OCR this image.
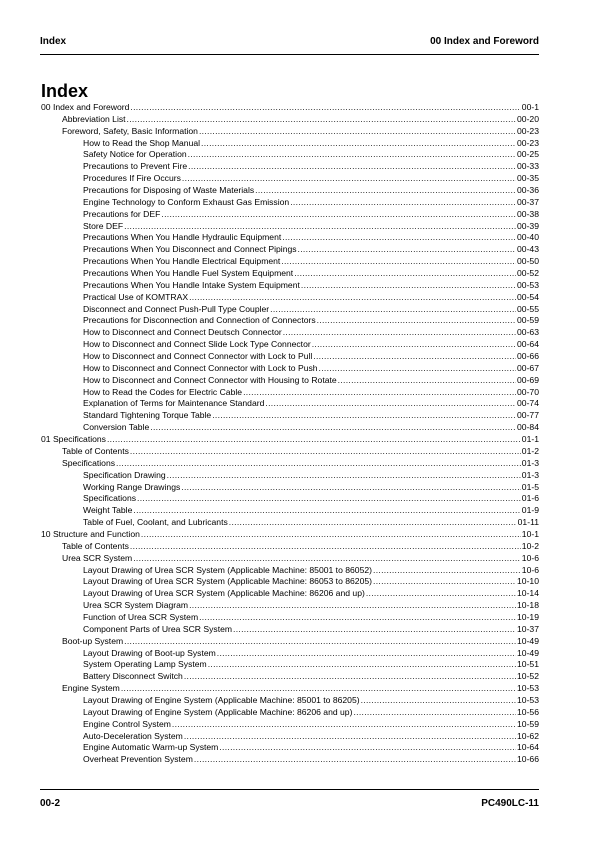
Index	00 Index and Foreword
Index
00 Index and Foreword .....	00-1
Abbreviation List .....	00-20
Foreword, Safety, Basic Information .....	00-23
How to Read the Shop Manual .....	00-23
Safety Notice for Operation .....	00-25
Precautions to Prevent Fire .....	00-33
Procedures If Fire Occurs .....	00-35
Precautions for Disposing of Waste Materials .....	00-36
Engine Technology to Conform Exhaust Gas Emission .....	00-37
Precautions for DEF .....	00-38
Store DEF .....	00-39
Precautions When You Handle Hydraulic Equipment .....	00-40
Precautions When You Disconnect and Connect Pipings .....	00-43
Precautions When You Handle Electrical Equipment .....	00-50
Precautions When You Handle Fuel System Equipment .....	00-52
Precautions When You Handle Intake System Equipment .....	00-53
Practical Use of KOMTRAX .....	00-54
Disconnect and Connect Push-Pull Type Coupler .....	00-55
Precautions for Disconnection and Connection of Connectors .....	00-59
How to Disconnect and Connect Deutsch Connector .....	00-63
How to Disconnect and Connect Slide Lock Type Connector .....	00-64
How to Disconnect and Connect Connector with Lock to Pull .....	00-66
How to Disconnect and Connect Connector with Lock to Push .....	00-67
How to Disconnect and Connect Connector with Housing to Rotate .....	00-69
How to Read the Codes for Electric Cable .....	00-70
Explanation of Terms for Maintenance Standard .....	00-74
Standard Tightening Torque Table .....	00-77
Conversion Table .....	00-84
01 Specifications .....	01-1
Table of Contents .....	01-2
Specifications .....	01-3
Specification Drawing .....	01-3
Working Range Drawings .....	01-5
Specifications .....	01-6
Weight Table .....	01-9
Table of Fuel, Coolant, and Lubricants .....	01-11
10 Structure and Function .....	10-1
Table of Contents .....	10-2
Urea SCR System .....	10-6
Layout Drawing of Urea SCR System (Applicable Machine: 85001 to 86052) .....	10-6
Layout Drawing of Urea SCR System (Applicable Machine: 86053 to 86205) .....	10-10
Layout Drawing of Urea SCR System (Applicable Machine: 86206 and up) .....	10-14
Urea SCR System Diagram .....	10-18
Function of Urea SCR System .....	10-19
Component Parts of Urea SCR System .....	10-37
Boot-up System .....	10-49
Layout Drawing of Boot-up System .....	10-49
System Operating Lamp System .....	10-51
Battery Disconnect Switch .....	10-52
Engine System .....	10-53
Layout Drawing of Engine System (Applicable Machine: 85001 to 86205) .....	10-53
Layout Drawing of Engine System (Applicable Machine: 86206 and up) .....	10-56
Engine Control System .....	10-59
Auto-Deceleration System .....	10-62
Engine Automatic Warm-up System .....	10-64
Overheat Prevention System .....	10-66
00-2	PC490LC-11
